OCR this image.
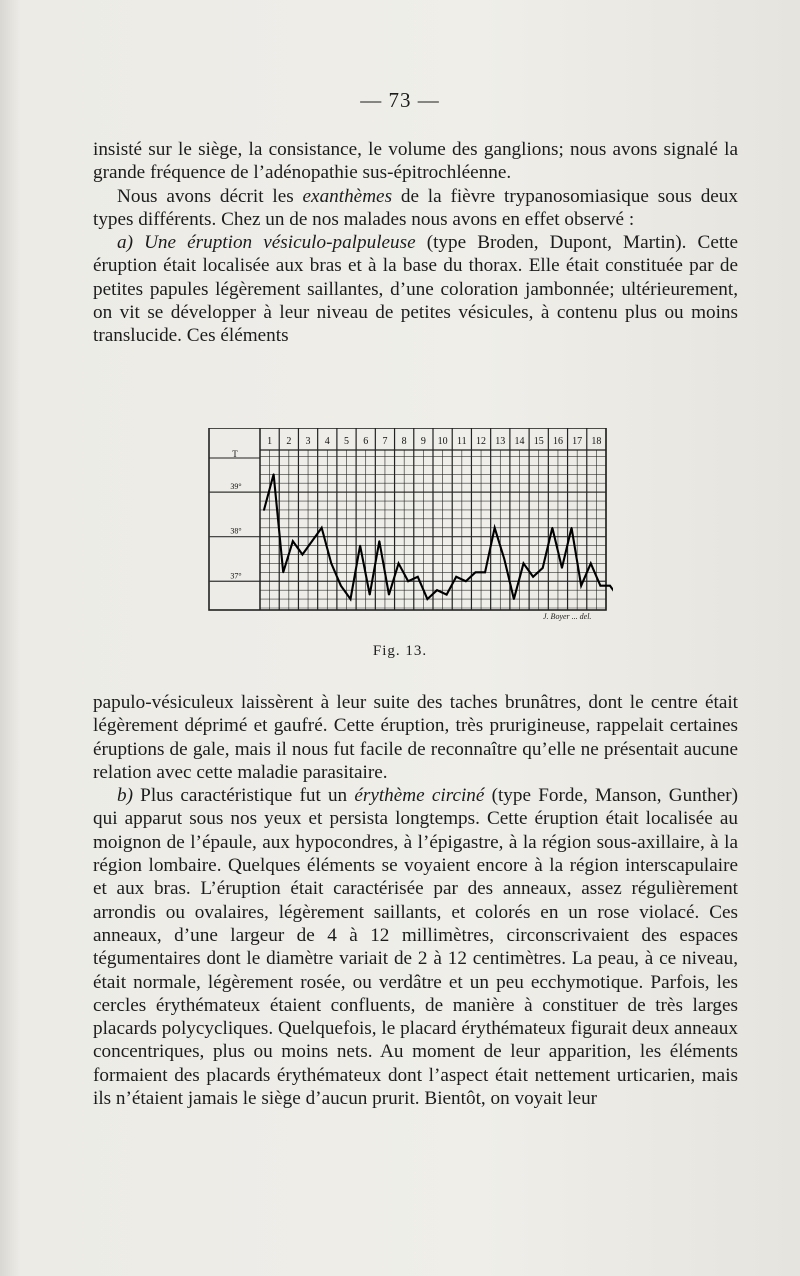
— 73 —

insisté sur le siège, la consistance, le volume des ganglions; nous avons signalé la grande fréquence de l’adénopathie sus-épitrochléenne.

Nous avons décrit les exanthèmes de la fièvre trypanosomiasique sous deux types différents. Chez un de nos malades nous avons en effet observé :

a) Une éruption vésiculo-palpuleuse (type Broden, Dupont, Martin). Cette éruption était localisée aux bras et à la base du thorax. Elle était constituée par de petites papules légèrement saillantes, d’une coloration jambonnée; ultérieurement, on vit se développer à leur niveau de petites vésicules, à contenu plus ou moins translucide. Ces éléments

1 2 3 4 5 6 7 8 9 10 11 12 13 14 15 16 17 18
T
39°
38°
37°
J. Boyer ... del.
Fig. 13.

papulo-vésiculeux laissèrent à leur suite des taches brunâtres, dont le centre était légèrement déprimé et gaufré. Cette éruption, très prurigineuse, rappelait certaines éruptions de gale, mais il nous fut facile de reconnaître qu’elle ne présentait aucune relation avec cette maladie parasitaire.

b) Plus caractéristique fut un érythème circiné (type Forde, Manson, Gunther) qui apparut sous nos yeux et persista longtemps. Cette éruption était localisée au moignon de l’épaule, aux hypocondres, à l’épigastre, à la région sous-axillaire, à la région lombaire. Quelques éléments se voyaient encore à la région interscapulaire et aux bras. L’éruption était caractérisée par des anneaux, assez régulièrement arrondis ou ovalaires, légèrement saillants, et colorés en un rose violacé. Ces anneaux, d’une largeur de 4 à 12 millimètres, circonscrivaient des espaces tégumentaires dont le diamètre variait de 2 à 12 centimètres. La peau, à ce niveau, était normale, légèrement rosée, ou verdâtre et un peu ecchymotique. Parfois, les cercles érythémateux étaient confluents, de manière à constituer de très larges placards polycycliques. Quelquefois, le placard érythémateux figurait deux anneaux concentriques, plus ou moins nets. Au moment de leur apparition, les éléments formaient des placards érythémateux dont l’aspect était nettement urticarien, mais ils n’étaient jamais le siège d’aucun prurit. Bientôt, on voyait leur
